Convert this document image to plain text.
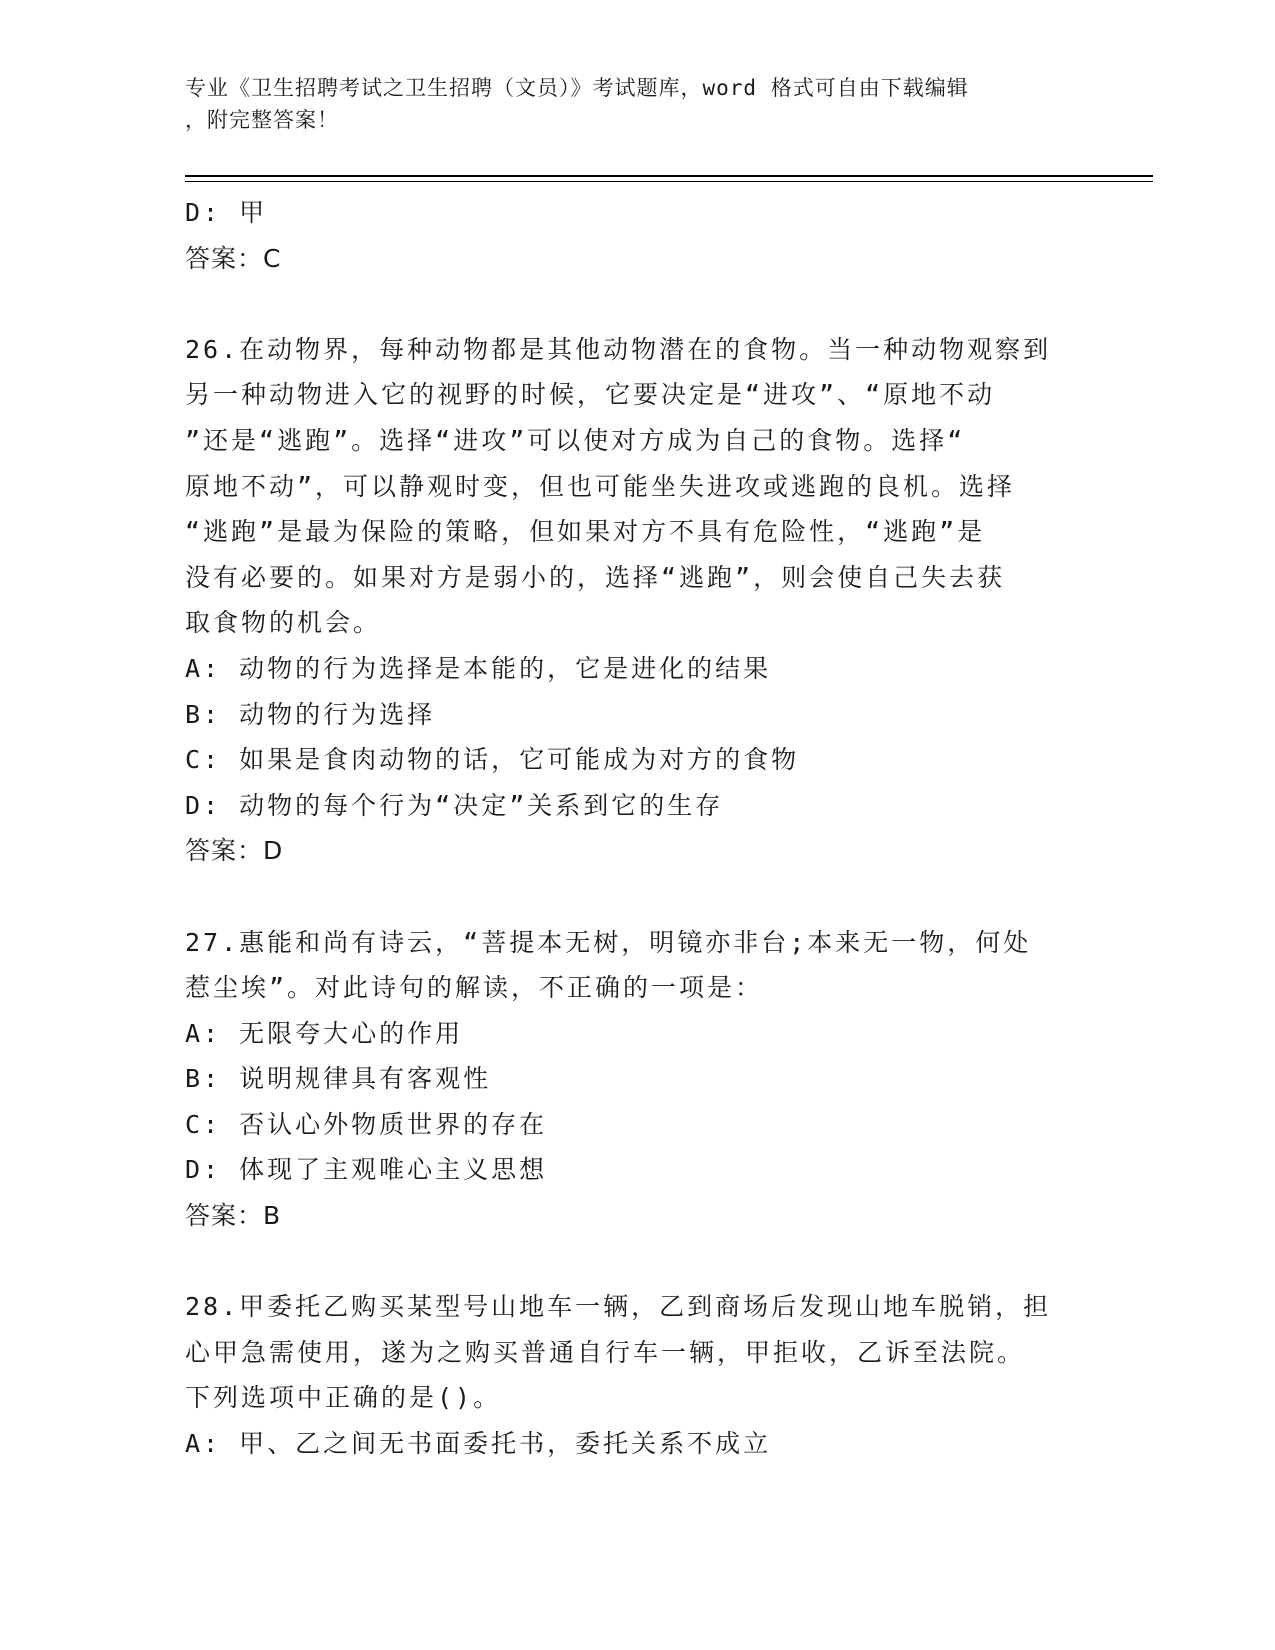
专业《卫生招聘考试之卫生招聘（文员）》考试题库，word 格式可自由下载编辑
，附完整答案！
D: 甲
答案：C
26.在动物界，每种动物都是其他动物潜在的食物。当一种动物观察到
另一种动物进入它的视野的时候，它要决定是“进攻”、“原地不动
”还是“逃跑”。选择“进攻”可以使对方成为自己的食物。选择“
原地不动”，可以静观时变，但也可能坐失进攻或逃跑的良机。选择
“逃跑”是最为保险的策略，但如果对方不具有危险性，“逃跑”是
没有必要的。如果对方是弱小的，选择“逃跑”，则会使自己失去获
取食物的机会。
A: 动物的行为选择是本能的，它是进化的结果
B: 动物的行为选择
C: 如果是食肉动物的话，它可能成为对方的食物
D: 动物的每个行为“决定”关系到它的生存
答案：D
27.惠能和尚有诗云，“菩提本无树，明镜亦非台;本来无一物，何处
惹尘埃”。对此诗句的解读，不正确的一项是：
A: 无限夸大心的作用
B: 说明规律具有客观性
C: 否认心外物质世界的存在
D: 体现了主观唯心主义思想
答案：B
28.甲委托乙购买某型号山地车一辆，乙到商场后发现山地车脱销，担
心甲急需使用，遂为之购买普通自行车一辆，甲拒收，乙诉至法院。
下列选项中正确的是()。
A: 甲、乙之间无书面委托书，委托关系不成立
